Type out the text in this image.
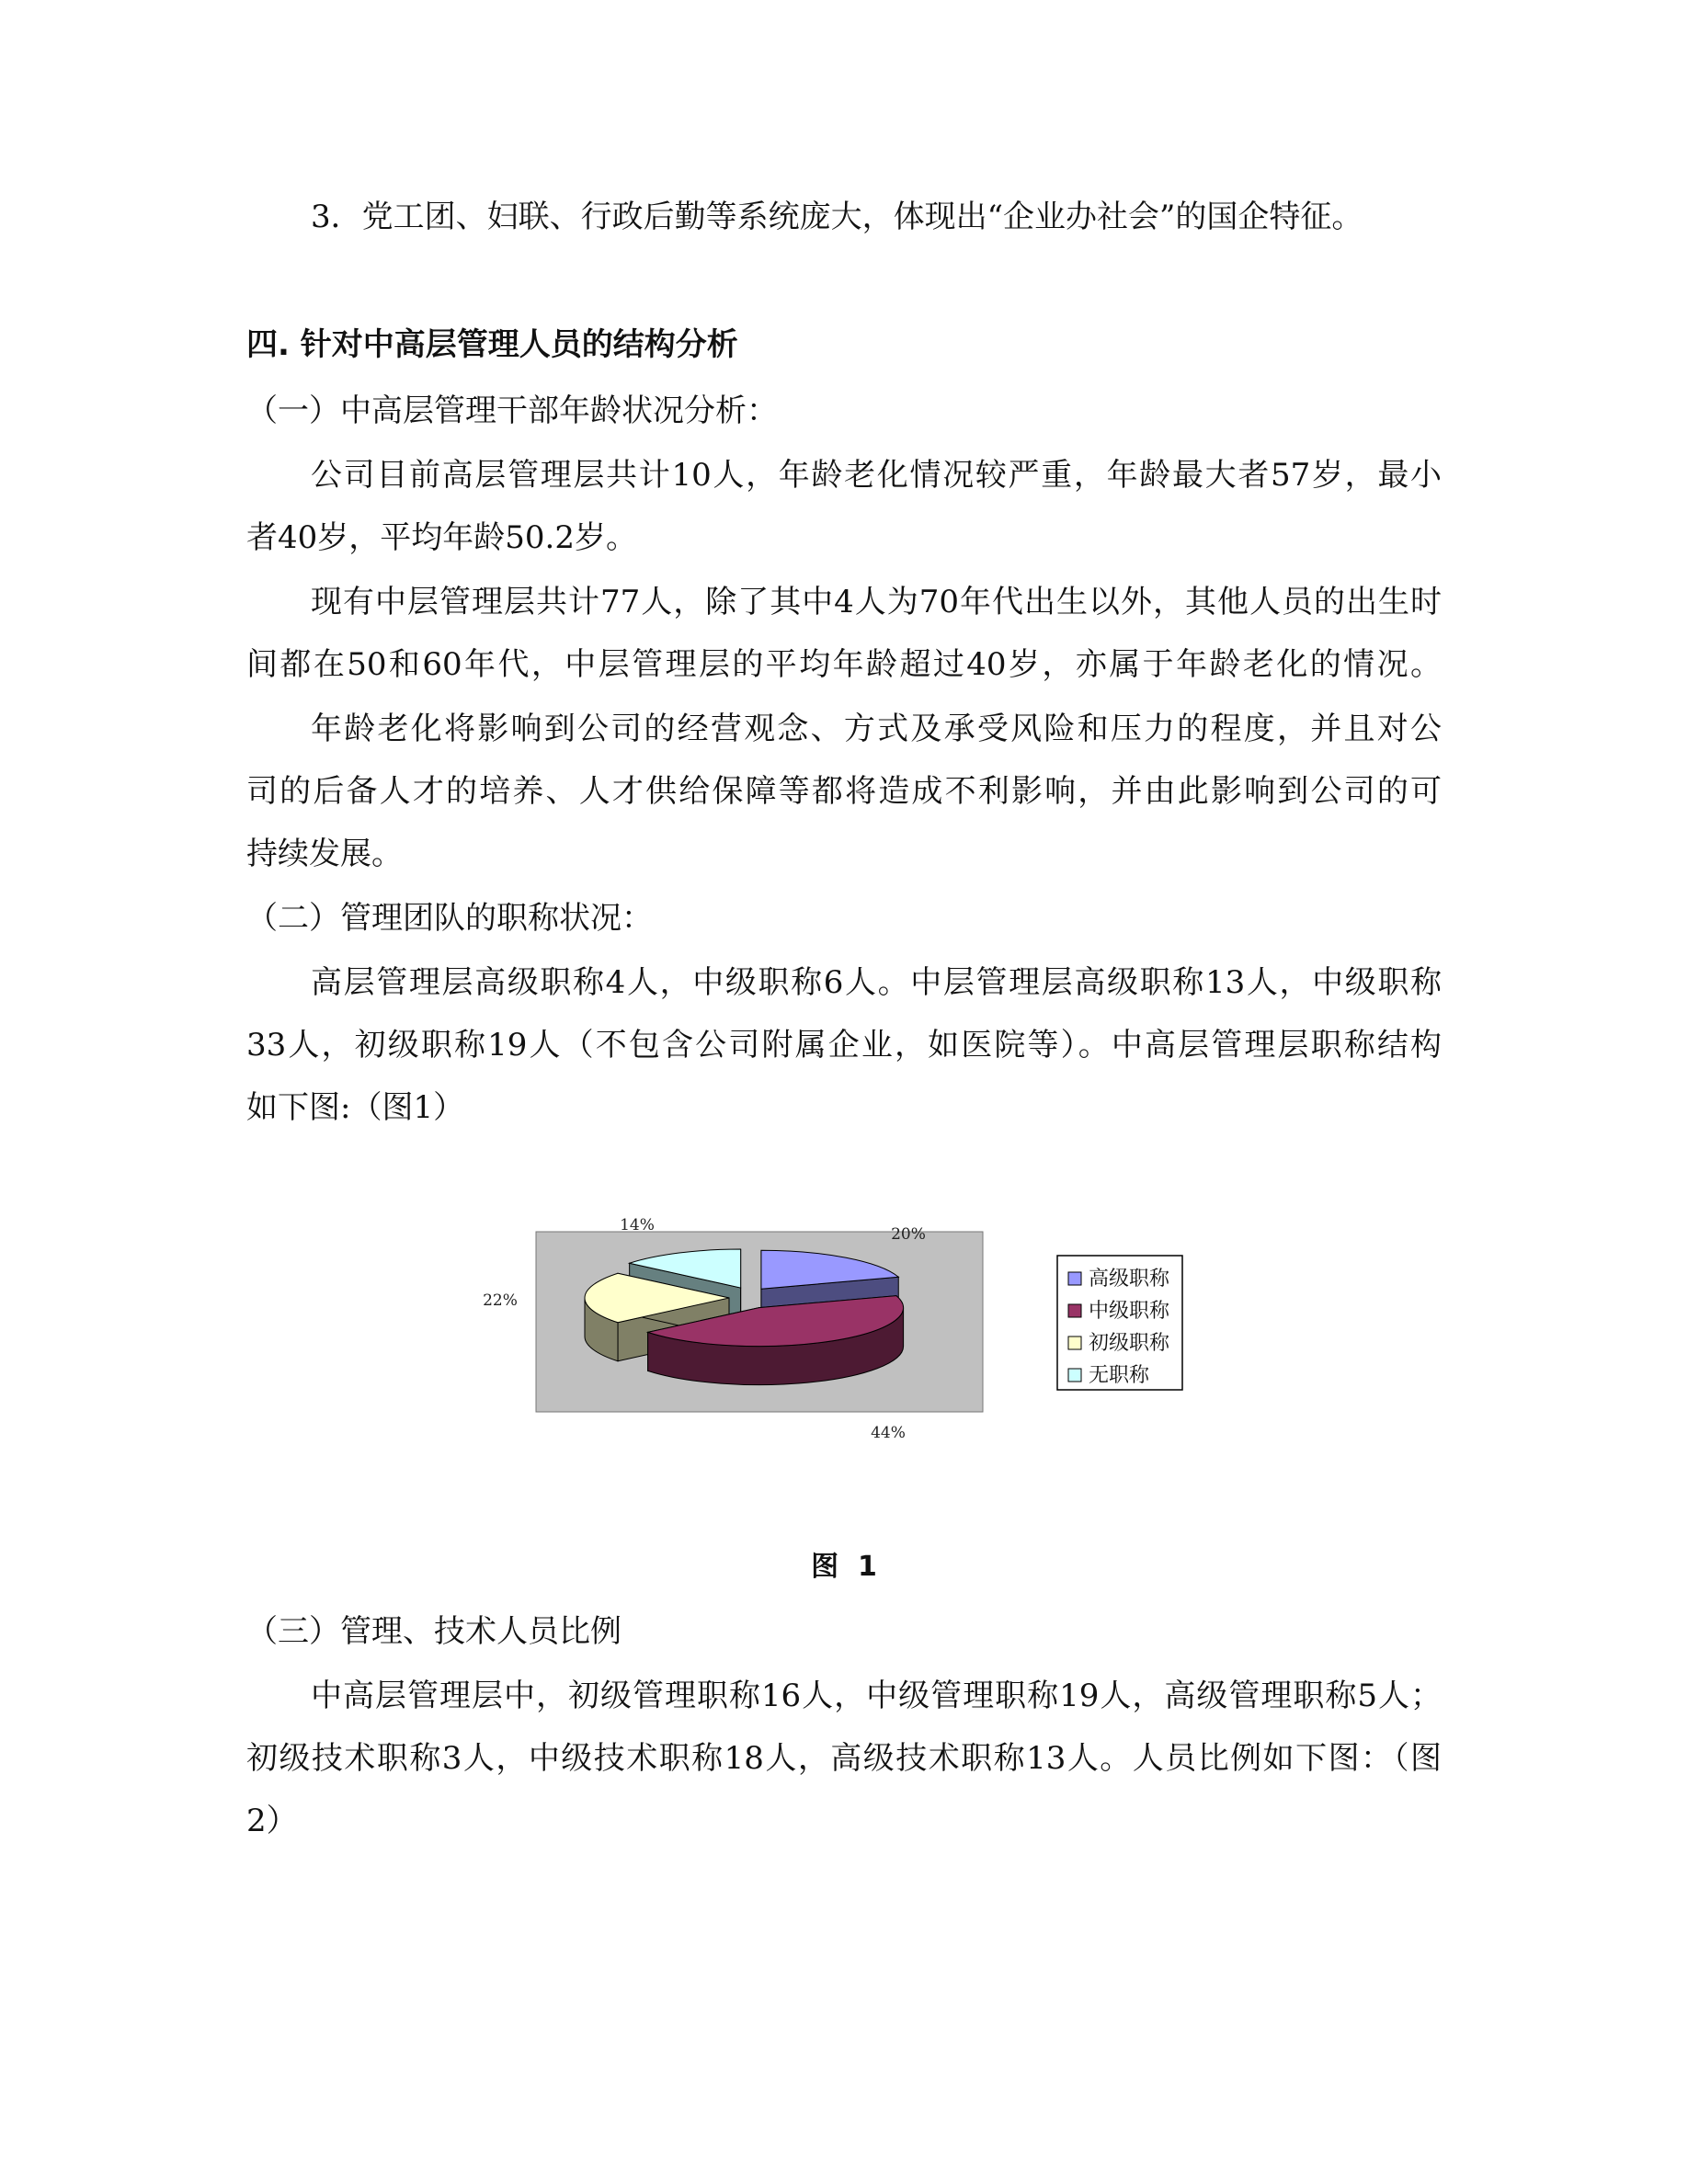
3．党工团、妇联、行政后勤等系统庞大，体现出“企业办社会”的国企特征。
四. 针对中高层管理人员的结构分析
（一）中高层管理干部年龄状况分析：
公司目前高层管理层共计10人，年龄老化情况较严重，年龄最大者57岁，最小
者40岁，平均年龄50.2岁。
现有中层管理层共计77人，除了其中4人为70年代出生以外，其他人员的出生时
间都在50和60年代，中层管理层的平均年龄超过40岁，亦属于年龄老化的情况。
年龄老化将影响到公司的经营观念、方式及承受风险和压力的程度，并且对公
司的后备人才的培养、人才供给保障等都将造成不利影响，并由此影响到公司的可
持续发展。
（二）管理团队的职称状况：
高层管理层高级职称4人，中级职称6人。中层管理层高级职称13人，中级职称
33人，初级职称19人（不包含公司附属企业，如医院等）。中高层管理层职称结构
如下图:（图1）
20%
44%
22%
14%
高级职称
中级职称
初级职称
无职称
图  1
（三）管理、技术人员比例
中高层管理层中，初级管理职称16人，中级管理职称19人，高级管理职称5人；
初级技术职称3人，中级技术职称18人，高级技术职称13人。人员比例如下图：（图
2）
